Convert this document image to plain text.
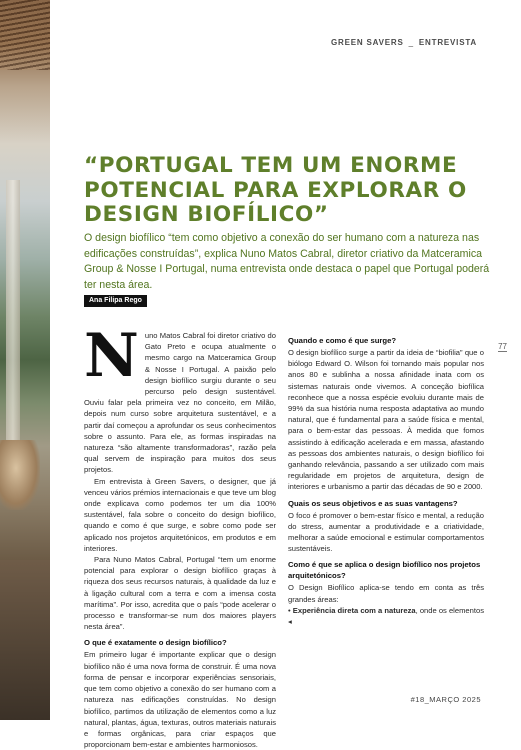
GREEN SAVERS _ ENTREVISTA
77
“PORTUGAL TEM UM ENORME POTENCIAL PARA EXPLORAR O DESIGN BIOFÍLICO”

O design biofílico “tem como objetivo a conexão do ser humano com a natureza nas edificações construídas”, explica Nuno Matos Cabral, diretor criativo da Matceramica Group & Nosse I Portugal, numa entrevista onde destaca o papel que Portugal poderá ter nesta área.

Ana Filipa Rego
N uno Matos Cabral foi diretor criativo do Gato Preto e ocupa atualmente o mesmo cargo na Matceramica Group & Nosse I Portugal. A paixão pelo design biofílico surgiu durante o seu percurso pelo design sustentável. Ouviu falar pela primeira vez no conceito, em Milão, depois num curso sobre arquitetura sustentável, e a partir daí começou a aprofundar os seus conhecimentos sobre o assunto. Para ele, as formas inspiradas na natureza “são altamente transformadoras”, razão pela qual servem de inspiração para muitos dos seus projetos.

Em entrevista à Green Savers, o designer, que já venceu vários prémios internacionais e que teve um blog onde explicava como podemos ter um dia 100% sustentável, fala sobre o conceito do design biofílico, quando e como é que surge, e sobre como pode ser aplicado nos projetos arquitetónicos, em produtos e em interiores.

Para Nuno Matos Cabral, Portugal “tem um enorme potencial para explorar o design biofílico graças à riqueza dos seus recursos naturais, à qualidade da luz e à ligação cultural com a terra e com a imensa costa marítima”. Por isso, acredita que o país “pode acelerar o processo e transformar-se num dos maiores players nesta área”.

O que é exatamente o design biofílico?

Em primeiro lugar é importante explicar que o design biofílico não é uma nova forma de construir. É uma nova forma de pensar e incorporar experiências sensoriais, que tem como objetivo a conexão do ser humano com a natureza nas edificações construídas. No design biofílico, partimos da utilização de elementos como a luz natural, plantas, água, texturas, outros materiais naturais e formas orgânicas, para criar espaços que proporcionam bem-estar e ambientes harmoniosos.

Quando e como é que surge?

O design biofílico surge a partir da ideia de “biofilia” que o biólogo Edward O. Wilson foi tornando mais popular nos anos 80 e sublinha a nossa afinidade inata com os sistemas naturais onde vivemos. A conceção biofílica reconhece que a nossa espécie evoluiu durante mais de 99% da sua história numa resposta adaptativa ao mundo natural, que é fundamental para a saúde física e mental, para o bem-estar das pessoas. À medida que fomos assistindo à edificação acelerada e em massa, afastando as pessoas dos ambientes naturais, o design biofílico foi ganhando relevância, passando a ser utilizado com mais regularidade em projetos de arquitetura, design de interiores e urbanismo a partir das décadas de 90 e 2000.

Quais os seus objetivos e as suas vantagens?

O foco é promover o bem-estar físico e mental, a redução do stress, aumentar a produtividade e a criatividade, melhorar a saúde emocional e estimular comportamentos sustentáveis.

Como é que se aplica o design biofílico nos projetos arquitetónicos?

O Design Biofílico aplica-se tendo em conta as três grandes áreas:

• Experiência direta com a natureza, onde os elementos ◂

#18_MARÇO 2025
